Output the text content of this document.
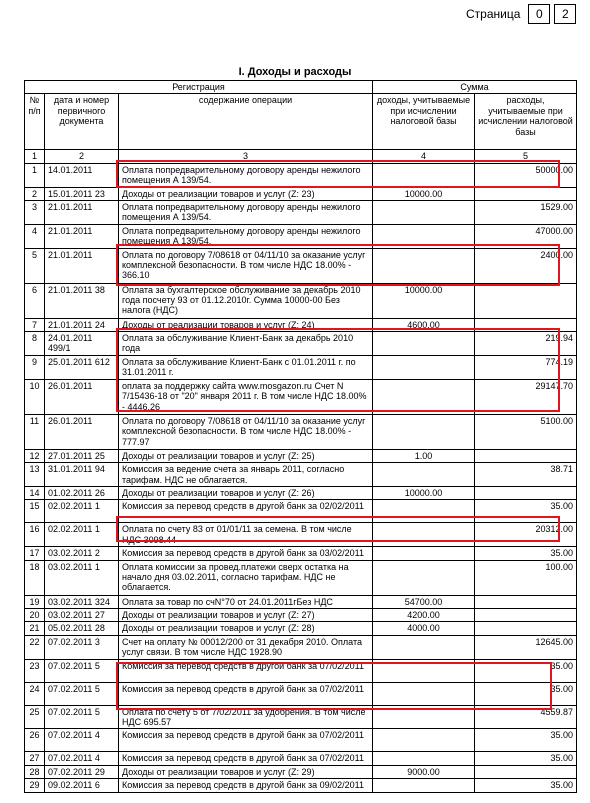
Страница 0 2
I. Доходы и расходы
Регистрация			Сумма	
№ п/п	дата и номер первичного документа	содержание операции	доходы, учитываемые при исчислении налоговой базы	расходы, учитываемые при исчислении налоговой базы
1	2	3	4	5
1	14.01.2011	Оплата попредварительному договору аренды нежилого помещения А 139/54.		50000.00
2	15.01.2011 23	Доходы от реализации товаров и услуг (Z: 23)	10000.00	
3	21.01.2011	Оплата попредварительному договору аренды нежилого помещения А 139/54.		1529.00
4	21.01.2011	Оплата попредварительному договору аренды нежилого помещения А 139/54.		47000.00
5	21.01.2011	Оплата по договору 7/08618 от 04/11/10 за оказание услуг комплексной безопасности. В том числе НДС 18.00% - 366.10		2400.00
6	21.01.2011 38	Оплата за бухгалтерское обслуживание за декабрь 2010 года посчету 93 от 01.12.2010г. Сумма 10000-00 Без налога (НДС)	10000.00	
7	21.01.2011 24	Доходы от реализации товаров и услуг (Z: 24)	4600.00	
8	24.01.2011 499/1	Оплата за обслуживание Клиент-Банк за декабрь 2010 года		219.94
9	25.01.2011 612	Оплата за обслуживание Клиент-Банк с 01.01.2011 г. по 31.01.2011 г.		774.19
10	26.01.2011	оплата за поддержку сайта www.mosgazon.ru Счет N 7/15436-18 от "20" января 2011 г. В том числе НДС 18.00% - 4446.26		29147.70
11	26.01.2011	Оплата по договору 7/08618 от 04/11/10 за оказание услуг комплексной безопасности. В том числе НДС 18.00% - 777.97		5100.00
12	27.01.2011 25	Доходы от реализации товаров и услуг (Z: 25)	1.00	
13	31.01.2011 94	Комиссия за ведение счета за январь 2011, согласно тарифам. НДС не облагается.		38.71
14	01.02.2011 26	Доходы от реализации товаров и услуг (Z: 26)	10000.00	
15	02.02.2011 1	Комиссия за перевод средств в другой банк за 02/02/2011		35.00
16	02.02.2011 1	Оплата по счету 83 от 01/01/11 за семена. В том числе НДС 3098.44		20312.00
17	03.02.2011 2	Комиссия за перевод средств в другой банк за 03/02/2011		35.00
18	03.02.2011 1	Оплата комиссии за провед.платежи сверх остатка на начало дня 03.02.2011, согласно тарифам. НДС не облагается.		100.00
19	03.02.2011 324	Оплата за товар по счN°70 от 24.01.2011гБез НДС	54700.00	
20	03.02.2011 27	Доходы от реализации товаров и услуг (Z: 27)	4200.00	
21	05.02.2011 28	Доходы от реализации товаров и услуг (Z: 28)	4000.00	
22	07.02.2011 3	Счет на оплату № 00012/200 от 31 декабря 2010. Оплата услуг связи. В том числе НДС 1928.90		12645.00
23	07.02.2011 5	Комиссия за перевод средств в другой банк за 07/02/2011		35.00
24	07.02.2011 5	Комиссия за перевод средств в другой банк за 07/02/2011		35.00
25	07.02.2011 5	Оплата по счету 5 от 7/02/2011 за удобрения. В том числе НДС 695.57		4559.87
26	07.02.2011 4	Комиссия за перевод средств в другой банк за 07/02/2011		35.00
27	07.02.2011 4	Комиссия за перевод средств в другой банк за 07/02/2011		35.00
28	07.02.2011 29	Доходы от реализации товаров и услуг (Z: 29)	9000.00	
29	09.02.2011 6	Комиссия за перевод средств в другой банк за 09/02/2011		35.00
